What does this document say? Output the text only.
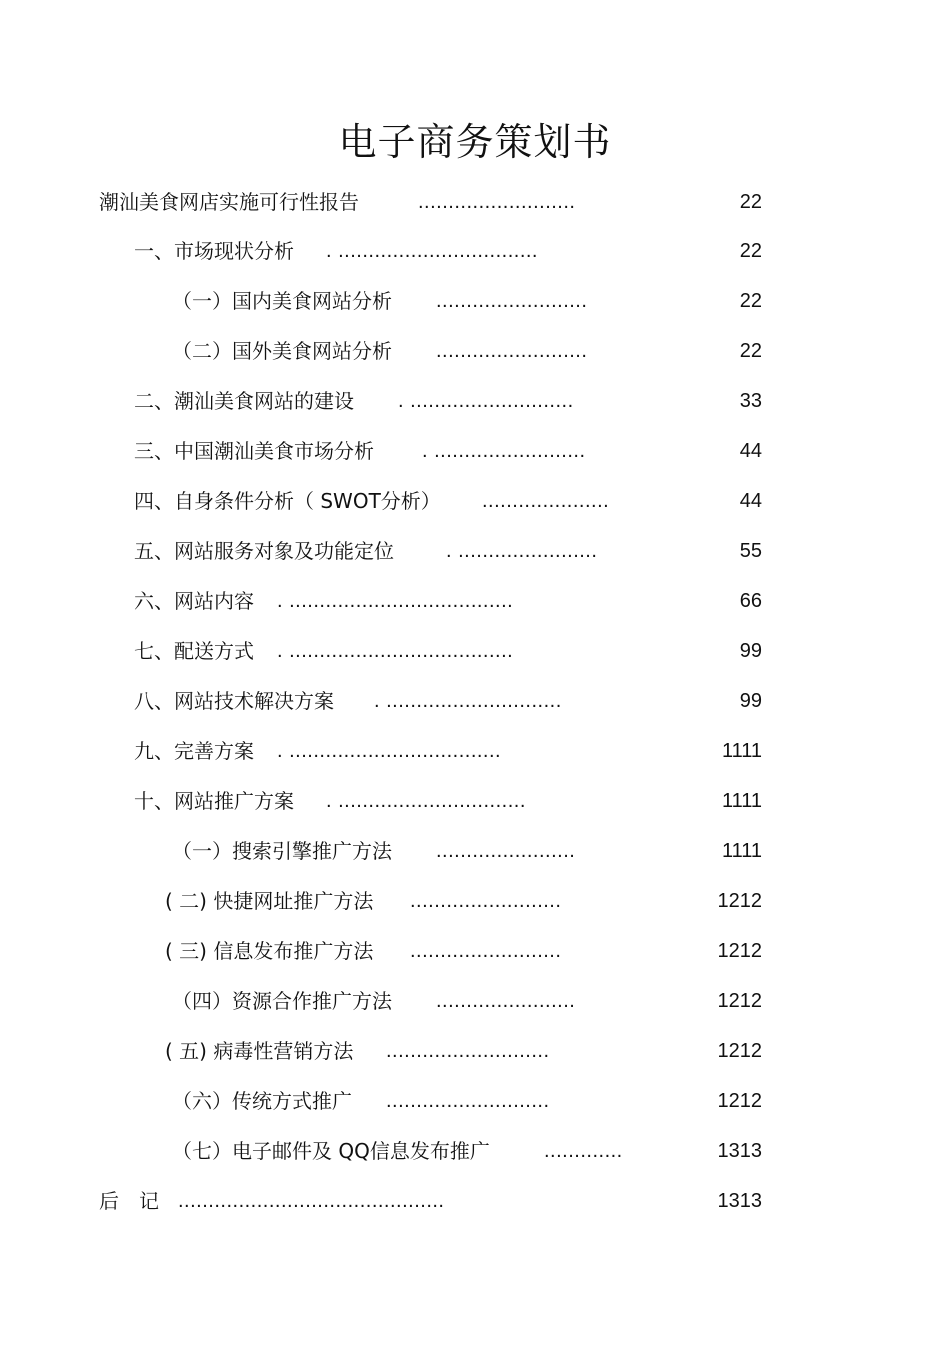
电子商务策划书
潮汕美食网店实施可行性报告	..........................	22
一、市场现状分析 . .................................	22
（一）国内美食网站分析 .........................	22
（二）国外美食网站分析 .........................	22
二、潮汕美食网站的建设 . ...........................	33
三、中国潮汕美食市场分析 . .........................	44
四、自身条件分析（ SWOT分析） .....................	44
五、网站服务对象及功能定位	. .......................	55
六、网站内容 . .....................................	66
七、配送方式 . .....................................	99
八、网站技术解决方案 . .............................	99
九、完善方案 . ...................................	1111
十、网站推广方案 . ...............................	1111
（一）搜索引擎推广方法 .......................	1111
( 二) 快捷网址推广方法 .........................	1212
( 三) 信息发布推广方法 .........................	1212
（四）资源合作推广方法 .......................	1212
( 五) 病毒性营销方法 ...........................	1212
（六）传统方式推广 ...........................	1212
（七）电子邮件及 QQ信息发布推广	.............	1313
后　记 ............................................	1313
